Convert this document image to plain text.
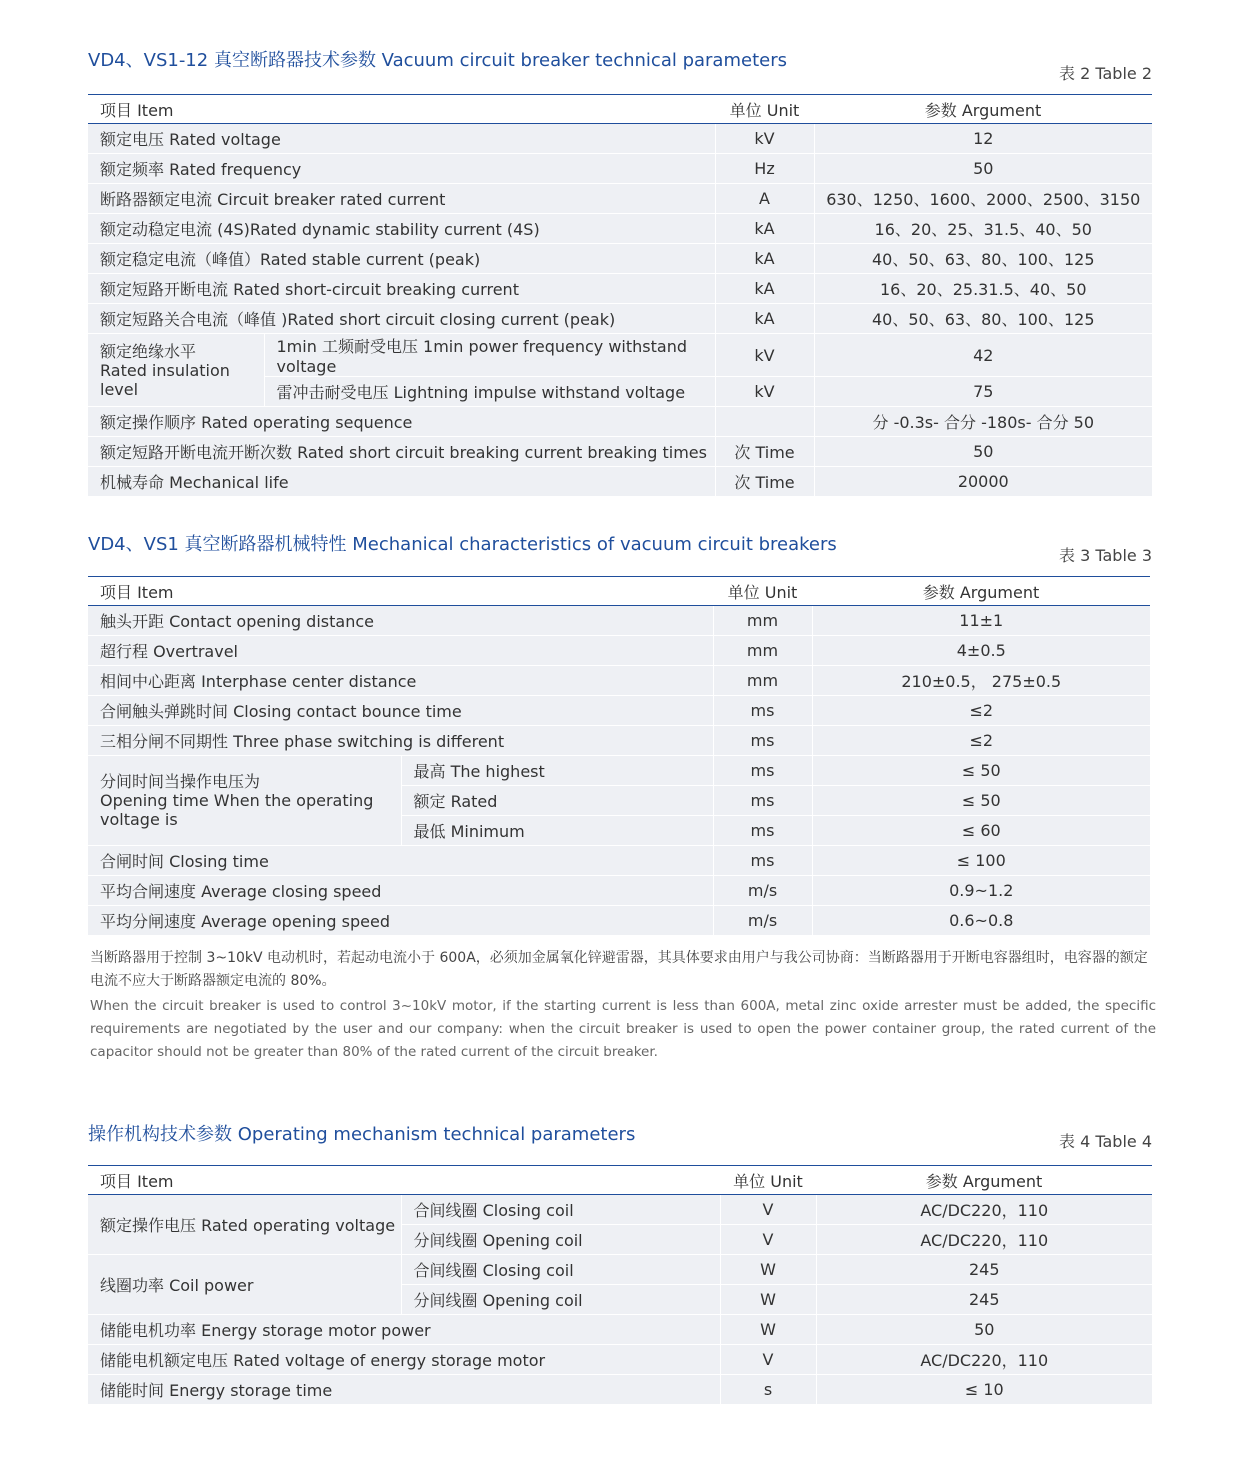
VD4、VS1-12 真空断路器技术参数 Vacuum circuit breaker technical parameters
表 2 Table 2
项目 Item		单位 Unit	参数 Argument
额定电压 Rated voltage		kV	12
额定频率 Rated frequency		Hz	50
断路器额定电流 Circuit breaker rated current		A	630、1250、1600、2000、2500、3150
额定动稳定电流 (4S)Rated dynamic stability current (4S)		kA	16、20、25、31.5、40、50
额定稳定电流（峰值）Rated stable current (peak)		kA	40、50、63、80、100、125
额定短路开断电流 Rated short-circuit breaking current		kA	16、20、25.31.5、40、50
额定短路关合电流（峰值 )Rated short circuit closing current (peak)		kA	40、50、63、80、100、125

额定绝缘水平
Rated insulation level	1min 工频耐受电压 1min power frequency withstand voltage	kV	42
	雷冲击耐受电压 Lightning impulse withstand voltage	kV	75
额定操作顺序 Rated operating sequence			分 -0.3s- 合分 -180s- 合分 50
额定短路开断电流开断次数 Rated short circuit breaking current breaking times		次 Time	50
机械寿命 Mechanical life		次 Time	20000
VD4、VS1 真空断路器机械特性 Mechanical characteristics of vacuum circuit breakers
表 3 Table 3
项目 Item		单位 Unit	参数 Argument
触头开距 Contact opening distance		mm	11±1
超行程 Overtravel		mm	4±0.5
相间中心距离 Interphase center distance		mm	210±0.5， 275±0.5
合闸触头弹跳时间 Closing contact bounce time		ms	≤2
三相分闸不同期性 Three phase switching is different		ms	≤2

分间时间当操作电压为
Opening time When the operating
voltage is	最高 The highest	ms	≤ 50
	额定 Rated	ms	≤ 50
	最低 Minimum	ms	≤ 60
合闸时间 Closing time		ms	≤ 100
平均合闸速度 Average closing speed		m/s	0.9~1.2
平均分闸速度 Average opening speed		m/s	0.6~0.8
当断路器用于控制 3~10kV 电动机时，若起动电流小于 600A，必须加金属氧化锌避雷器，其具体要求由用户与我公司协商：当断路器用于开断电容器组时，电容器的额定电流不应大于断路器额定电流的 80%。
When the circuit breaker is used to control 3~10kV motor, if the starting current is less than 600A, metal zinc oxide arrester must be added, the specific requirements are negotiated by the user and our company: when the circuit breaker is used to open the power container group, the rated current of the capacitor should not be greater than 80% of the rated current of the circuit breaker.
操作机构技术参数 Operating mechanism technical parameters	表 4 Table 4
项目 Item		单位 Unit	参数 Argument
额定操作电压 Rated operating voltage	合间线圈 Closing coil	V	AC/DC220，110
	分间线圈 Opening coil	V	AC/DC220，110
线圈功率 Coil power	合间线圈 Closing coil	W	245
	分间线圈 Opening coil	W	245
储能电机功率 Energy storage motor power		W	50
储能电机额定电压 Rated voltage of energy storage motor		V	AC/DC220，110
储能时间 Energy storage time		s	≤ 10
